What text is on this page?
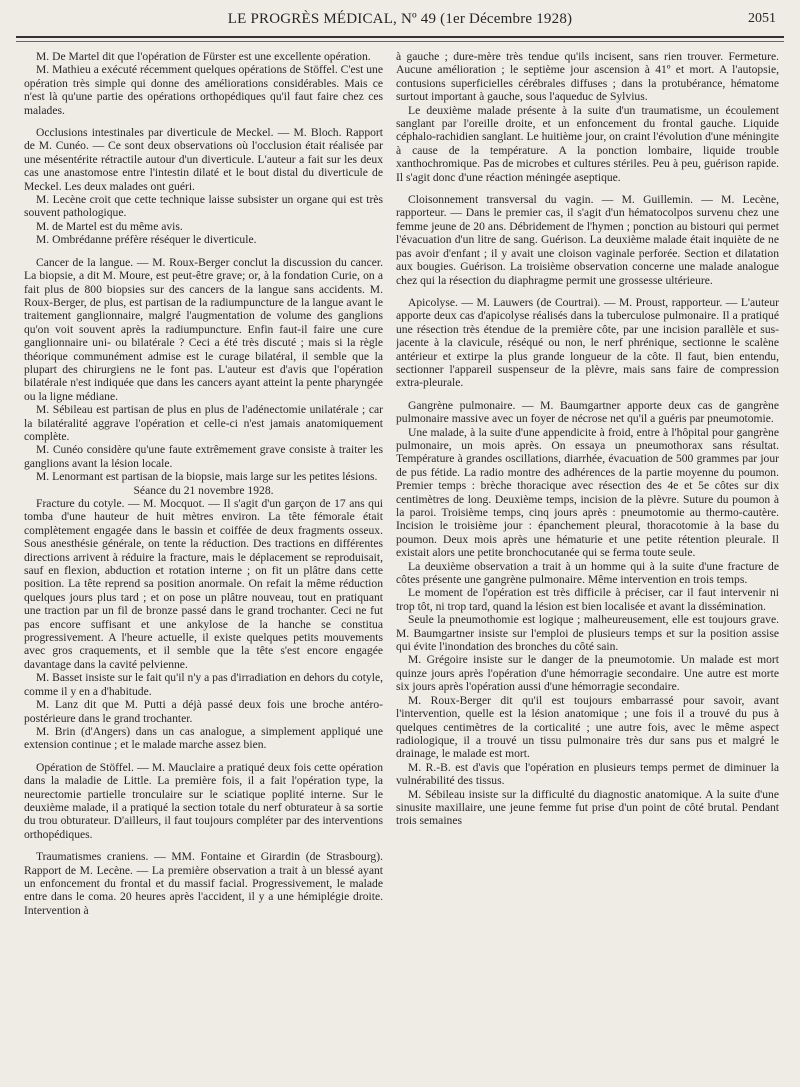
LE PROGRÈS MÉDICAL, Nº 49 (1er Décembre 1928)	2051

M. De Martel dit que l'opération de Fürster est une excellente opération.

M. Mathieu a exécuté récemment quelques opérations de Stöffel. C'est une opération très simple qui donne des améliorations considérables. Mais ce n'est là qu'une partie des opérations orthopédiques qu'il faut faire chez ces malades.

Occlusions intestinales par diverticule de Meckel. — M. Bloch. Rapport de M. Cunéo. — Ce sont deux observations où l'occlusion était réalisée par une mésentérite rétractile autour d'un diverticule. L'auteur a fait sur les deux cas une anastomose entre l'intestin dilaté et le bout distal du diverticule de Meckel. Les deux malades ont guéri.

M. Lecène croit que cette technique laisse subsister un organe qui est très souvent pathologique.

M. de Martel est du même avis.

M. Ombrédanne préfère réséquer le diverticule.

Cancer de la langue. — M. Roux-Berger conclut la discussion du cancer. La biopsie, a dit M. Moure, est peut-être grave; or, à la fondation Curie, on a fait plus de 800 biopsies sur des cancers de la langue sans accidents. M. Roux-Berger, de plus, est partisan de la radiumpuncture de la langue avant le traitement ganglionnaire, malgré l'augmentation de volume des ganglions qu'on voit souvent après la radiumpuncture. Enfin faut-il faire une cure ganglionnaire uni- ou bilatérale ? Ceci a été très discuté ; mais si la règle théorique communément admise est le curage bilatéral, il semble que la plupart des chirurgiens ne le font pas. L'auteur est d'avis que l'opération bilatérale n'est indiquée que dans les cancers ayant atteint la pente pharyngée ou la ligne médiane.

M. Sébileau est partisan de plus en plus de l'adénectomie unilatérale ; car la bilatéralité aggrave l'opération et celle-ci n'est jamais anatomiquement complète.

M. Cunéo considère qu'une faute extrêmement grave consiste à traiter les ganglions avant la lésion locale.

M. Lenormant est partisan de la biopsie, mais large sur les petites lésions.

Séance du 21 novembre 1928.

Fracture du cotyle. — M. Mocquot. — Il s'agit d'un garçon de 17 ans qui tomba d'une hauteur de huit mètres environ. La tête fémorale était complètement engagée dans le bassin et coiffée de deux fragments osseux. Sous anesthésie générale, on tente la réduction. Des tractions en différentes directions arrivent à réduire la fracture, mais le déplacement se reproduisait, sauf en flexion, abduction et rotation interne ; on fit un plâtre dans cette position. La tête reprend sa position anormale. On refait la même réduction quelques jours plus tard ; et on pose un plâtre nouveau, tout en pratiquant une traction par un fil de bronze passé dans le grand trochanter. Ceci ne fut pas encore suffisant et une ankylose de la hanche se constitua progressivement. A l'heure actuelle, il existe quelques petits mouvements avec gros craquements, et il semble que la tête s'est encore engagée davantage dans la cavité pelvienne.

M. Basset insiste sur le fait qu'il n'y a pas d'irradiation en dehors du cotyle, comme il y en a d'habitude.

M. Lanz dit que M. Putti a déjà passé deux fois une broche antéro-postérieure dans le grand trochanter.

M. Brin (d'Angers) dans un cas analogue, a simplement appliqué une extension continue ; et le malade marche assez bien.

Opération de Stöffel. — M. Mauclaire a pratiqué deux fois cette opération dans la maladie de Little. La première fois, il a fait l'opération type, la neurectomie partielle tronculaire sur le sciatique poplité interne. Sur le deuxième malade, il a pratiqué la section totale du nerf obturateur à sa sortie du trou obturateur. D'ailleurs, il faut toujours compléter par des interventions orthopédiques.

Traumatismes craniens. — MM. Fontaine et Girardin (de Strasbourg). Rapport de M. Lecène. — La première observation a trait à un blessé ayant un enfoncement du frontal et du massif facial. Progressivement, le malade entre dans le coma. 20 heures après l'accident, il y a une hémiplégie droite. Intervention à

à gauche ; dure-mère très tendue qu'ils incisent, sans rien trouver. Fermeture. Aucune amélioration ; le septième jour ascension à 41º et mort. A l'autopsie, contusions superficielles cérébrales diffuses ; dans la protubérance, hématome surtout important à gauche, sous l'aqueduc de Sylvius.

Le deuxième malade présente à la suite d'un traumatisme, un écoulement sanglant par l'oreille droite, et un enfoncement du frontal gauche. Liquide céphalo-rachidien sanglant. Le huitième jour, on craint l'évolution d'une méningite à cause de la température. A la ponction lombaire, liquide trouble xanthochromique. Pas de microbes et cultures stériles. Peu à peu, guérison rapide. Il s'agit donc d'une réaction méningée aseptique.

Cloisonnement transversal du vagin. — M. Guillemin. — M. Lecène, rapporteur. — Dans le premier cas, il s'agit d'un hématocolpos survenu chez une femme jeune de 20 ans. Débridement de l'hymen ; ponction au bistouri qui permet l'évacuation d'un litre de sang. Guérison. La deuxième malade était inquiète de ne pas avoir d'enfant ; il y avait une cloison vaginale perforée. Section et dilatation aux bougies. Guérison. La troisième observation concerne une malade analogue chez qui la résection du diaphragme permit une grossesse ultérieure.

Apicolyse. — M. Lauwers (de Courtrai). — M. Proust, rapporteur. — L'auteur apporte deux cas d'apicolyse réalisés dans la tuberculose pulmonaire. Il a pratiqué une résection très étendue de la première côte, par une incision parallèle et sus-jacente à la clavicule, réséqué ou non, le nerf phrénique, sectionne le scalène antérieur et extirpe la plus grande longueur de la côte. Il faut, bien entendu, sectionner l'appareil suspenseur de la plèvre, mais sans faire de compression extra-pleurale.

Gangrène pulmonaire. — M. Baumgartner apporte deux cas de gangrène pulmonaire massive avec un foyer de nécrose net qu'il a guéris par pneumotomie.

Une malade, à la suite d'une appendicite à froid, entre à l'hôpital pour gangrène pulmonaire, un mois après. On essaya un pneumothorax sans résultat. Température à grandes oscillations, diarrhée, évacuation de 500 grammes par jour de pus fétide. La radio montre des adhérences de la partie moyenne du poumon. Premier temps : brèche thoracique avec résection des 4e et 5e côtes sur dix centimètres de long. Deuxième temps, incision de la plèvre. Suture du poumon à la paroi. Troisième temps, cinq jours après : pneumotomie au thermo-cautère. Incision le troisième jour : épanchement pleural, thoracotomie à la base du poumon. Deux mois après une hématurie et une petite rétention pleurale. Il existait alors une petite bronchocutanée qui se ferma toute seule.

La deuxième observation a trait à un homme qui à la suite d'une fracture de côtes présente une gangrène pulmonaire. Même intervention en trois temps.

Le moment de l'opération est très difficile à préciser, car il faut intervenir ni trop tôt, ni trop tard, quand la lésion est bien localisée et avant la dissémination.

Seule la pneumothomie est logique ; malheureusement, elle est toujours grave. M. Baumgartner insiste sur l'emploi de plusieurs temps et sur la position assise qui évite l'inondation des bronches du côté sain.

M. Grégoire insiste sur le danger de la pneumotomie. Un malade est mort quinze jours après l'opération d'une hémorragie secondaire. Une autre est morte six jours après l'opération aussi d'une hémorragie secondaire.

M. Roux-Berger dit qu'il est toujours embarrassé pour savoir, avant l'intervention, quelle est la lésion anatomique ; une fois il a trouvé du pus à quelques centimètres de la corticalité ; une autre fois, avec le même aspect radiologique, il a trouvé un tissu pulmonaire très dur sans pus et malgré le drainage, le malade est mort.

M. R.-B. est d'avis que l'opération en plusieurs temps permet de diminuer la vulnérabilité des tissus.

M. Sébileau insiste sur la difficulté du diagnostic anatomique. A la suite d'une sinusite maxillaire, une jeune femme fut prise d'un point de côté brutal. Pendant trois semaines
